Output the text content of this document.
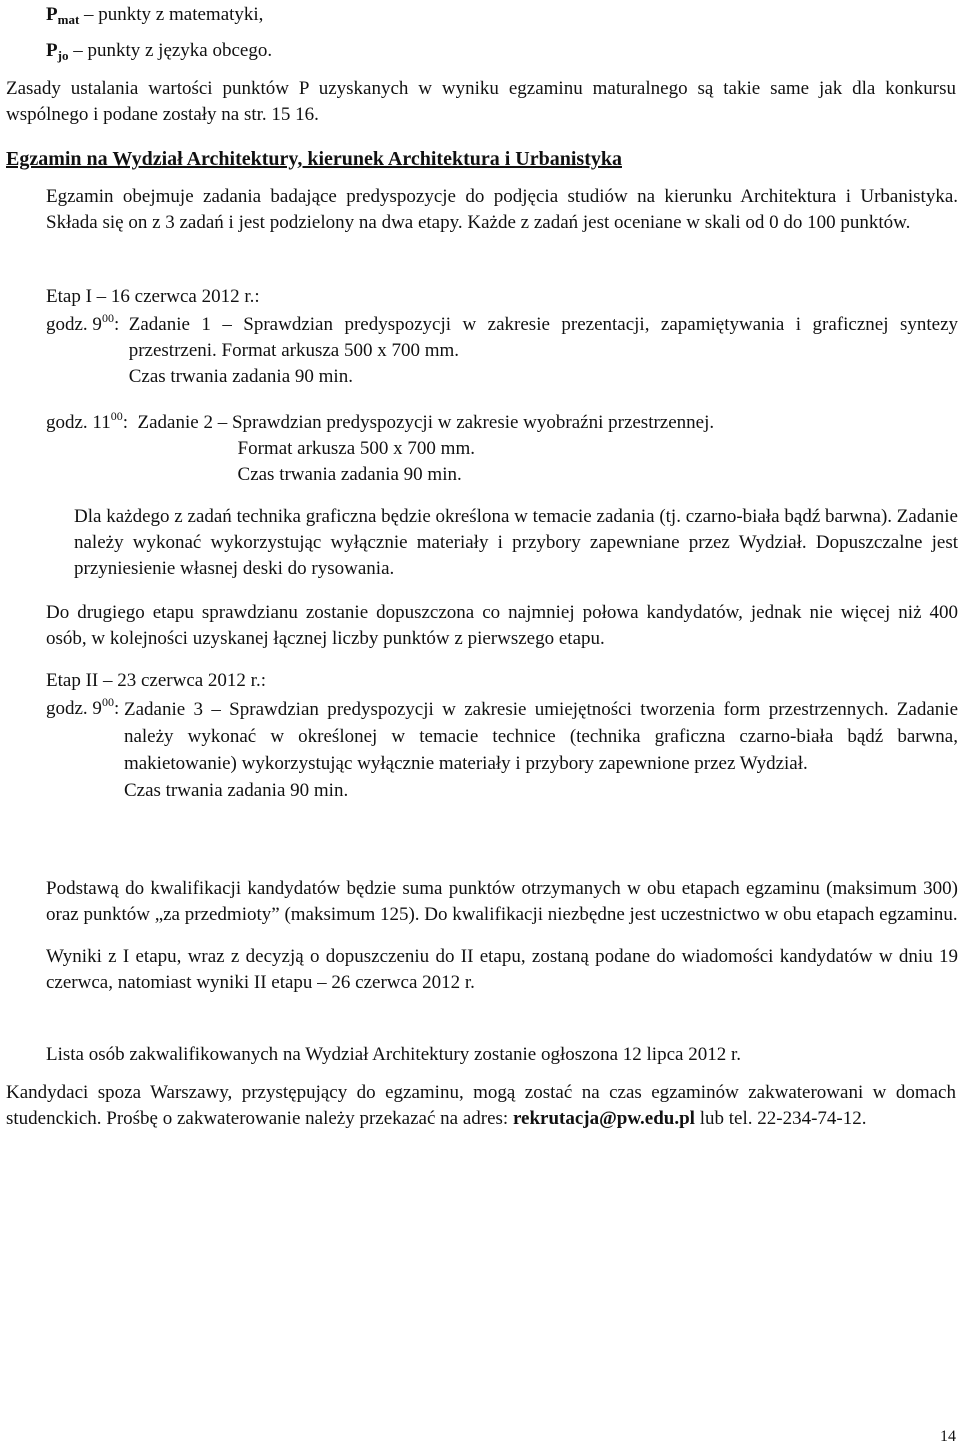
$P_{mat}$ – punkty z matematyki,

$P_{jo}$ – punkty z języka obcego.

Zasady ustalania wartości punktów P uzyskanych w wyniku egzaminu maturalnego są takie same jak dla konkursu wspólnego i podane zostały na str. 15 16.

Egzamin na Wydział Architektury, kierunek Architektura i Urbanistyka

Egzamin obejmuje zadania badające predyspozycje do podjęcia studiów na kierunku Architektura i Urbanistyka. Składa się on z 3 zadań i jest podzielony na dwa etapy. Każde z zadań jest oceniane w skali od 0 do 100 punktów.

Etap I – 16 czerwca 2012 r.:

godz. $9^{00}$: Zadanie 1 – Sprawdzian predyspozycji w zakresie prezentacji, zapamiętywania i graficznej syntezy przestrzeni. Format arkusza 500 x 700 mm.

Czas trwania zadania 90 min.

godz. $11^{00}$: Zadanie 2 – Sprawdzian predyspozycji w zakresie wyobraźni przestrzennej.

Format arkusza 500 x 700 mm.

Czas trwania zadania 90 min.

Dla każdego z zadań technika graficzna będzie określona w temacie zadania (tj. czarno-biała bądź barwna). Zadanie należy wykonać wykorzystując wyłącznie materiały i przybory zapewniane przez Wydział. Dopuszczalne jest przyniesienie własnej deski do rysowania.

Do drugiego etapu sprawdzianu zostanie dopuszczona co najmniej połowa kandydatów, jednak nie więcej niż 400 osób, w kolejności uzyskanej łącznej liczby punktów z pierwszego etapu.

Etap II – 23 czerwca 2012 r.:

godz. $9^{00}$: Zadanie 3 – Sprawdzian predyspozycji w zakresie umiejętności tworzenia form przestrzennych. Zadanie należy wykonać w określonej w temacie technice (technika graficzna czarno-biała bądź barwna, makietowanie) wykorzystując wyłącznie materiały i przybory zapewnione przez Wydział.

Czas trwania zadania 90 min.

Podstawą do kwalifikacji kandydatów będzie suma punktów otrzymanych w obu etapach egzaminu (maksimum 300) oraz punktów „za przedmioty” (maksimum 125). Do kwalifikacji niezbędne jest uczestnictwo w obu etapach egzaminu.

Wyniki z I etapu, wraz z decyzją o dopuszczeniu do II etapu, zostaną podane do wiadomości kandydatów w dniu 19 czerwca, natomiast wyniki II etapu – 26 czerwca 2012 r.

Lista osób zakwalifikowanych na Wydział Architektury zostanie ogłoszona 12 lipca 2012 r.

Kandydaci spoza Warszawy, przystępujący do egzaminu, mogą zostać na czas egzaminów zakwaterowani w domach studenckich. Prośbę o zakwaterowanie należy przekazać na adres: rekrutacja@pw.edu.pl lub tel. 22-234-74-12.

14
